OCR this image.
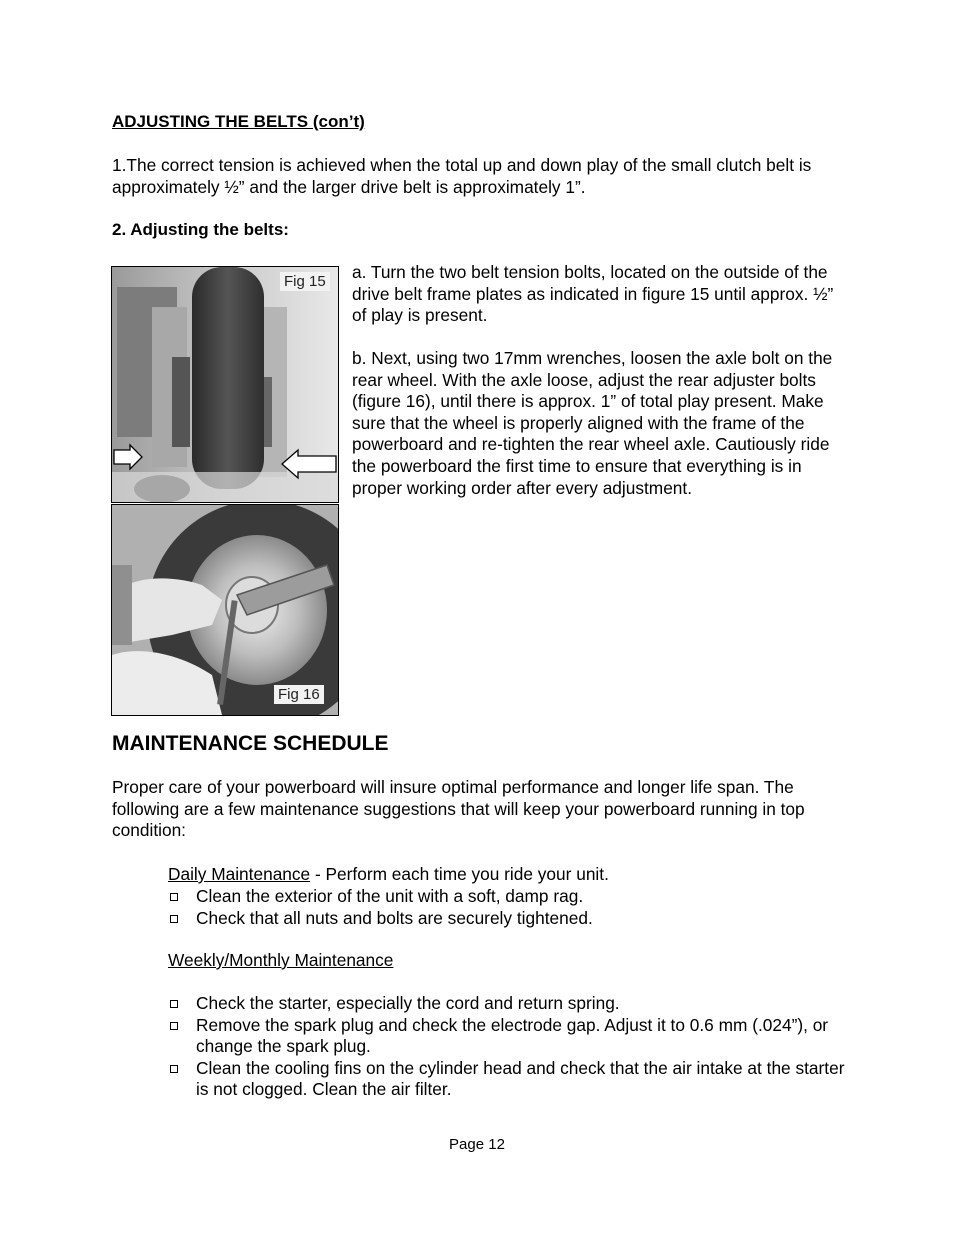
ADJUSTING THE BELTS (con’t)

1.The correct tension is achieved when the total up and down play of the small clutch belt is approximately ½” and the larger drive belt is approximately 1”.

2. Adjusting the belts:
Fig 15
Fig 16

a. Turn the two belt tension bolts, located on the outside of the drive belt frame plates as indicated in figure 15 until approx. ½” of play is present.

b. Next, using two 17mm wrenches, loosen the axle bolt on the rear wheel. With the axle loose, adjust the rear adjuster bolts (figure 16), until there is approx. 1” of total play present. Make sure that the wheel is properly aligned with the frame of the powerboard and re-tighten the rear wheel axle. Cautiously ride the powerboard the first time to ensure that everything is in proper working order after every adjustment.

MAINTENANCE SCHEDULE

Proper care of your powerboard will insure optimal performance and longer life span. The following are a few maintenance suggestions that will keep your powerboard running in top condition:

Daily Maintenance - Perform each time you ride your unit.
Clean the exterior of the unit with a soft, damp rag.
Check that all nuts and bolts are securely tightened.
Weekly/Monthly Maintenance
Check the starter, especially the cord and return spring.
Remove the spark plug and check the electrode gap. Adjust it to 0.6 mm (.024”), or change the spark plug.
Clean the cooling fins on the cylinder head and check that the air intake at the starter is not clogged. Clean the air filter.
Page 12
